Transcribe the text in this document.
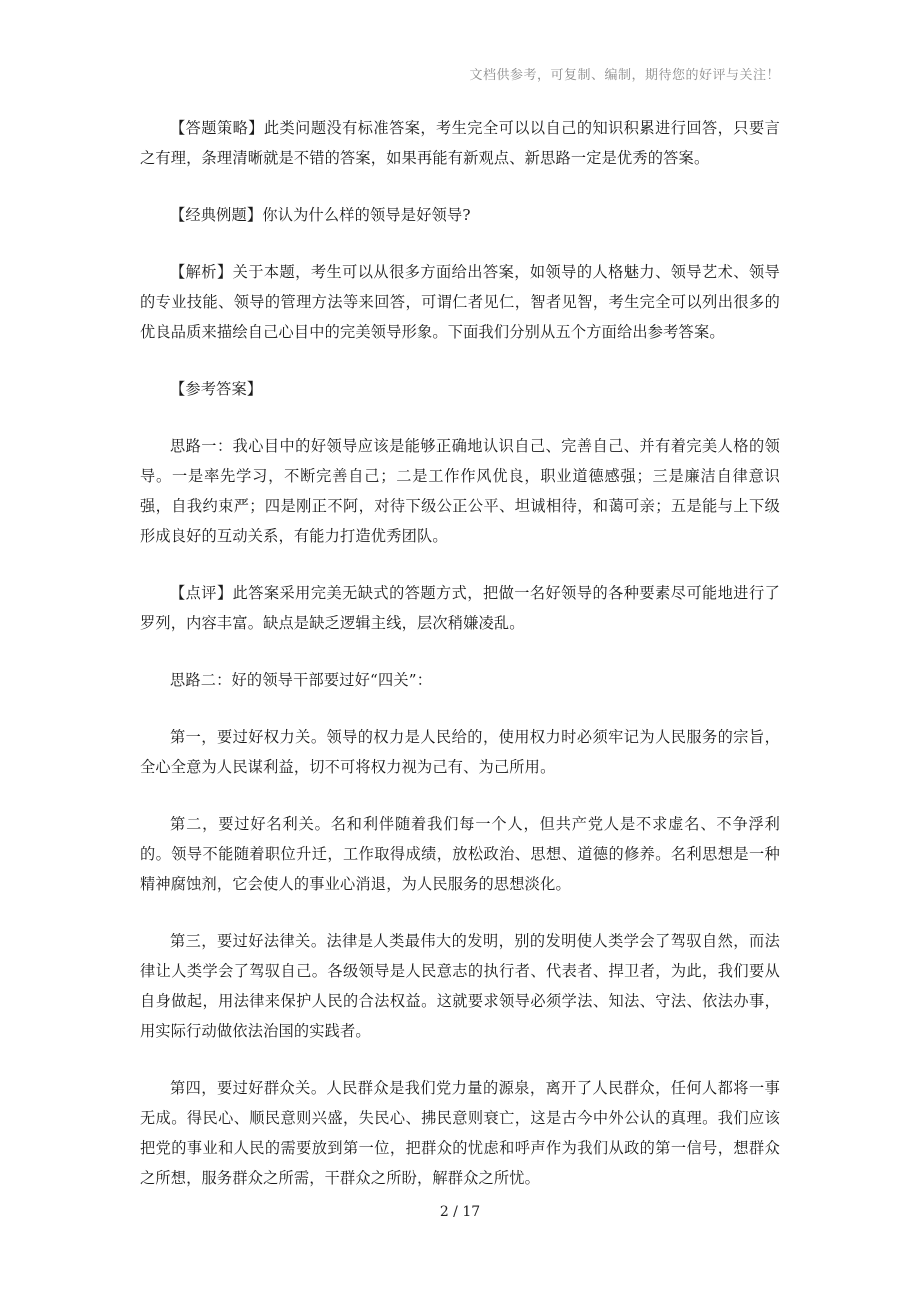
文档供参考，可复制、编制，期待您的好评与关注！

【答题策略】此类问题没有标准答案，考生完全可以以自己的知识积累进行回答，只要言之有理，条理清晰就是不错的答案，如果再能有新观点、新思路一定是优秀的答案。

【经典例题】你认为什么样的领导是好领导?

【解析】关于本题，考生可以从很多方面给出答案，如领导的人格魅力、领导艺术、领导的专业技能、领导的管理方法等来回答，可谓仁者见仁，智者见智，考生完全可以列出很多的优良品质来描绘自己心目中的完美领导形象。下面我们分别从五个方面给出参考答案。

【参考答案】

思路一：我心目中的好领导应该是能够正确地认识自己、完善自己、并有着完美人格的领导。一是率先学习，不断完善自己；二是工作作风优良，职业道德感强；三是廉洁自律意识强，自我约束严；四是刚正不阿，对待下级公正公平、坦诚相待，和蔼可亲；五是能与上下级形成良好的互动关系，有能力打造优秀团队。

【点评】此答案采用完美无缺式的答题方式，把做一名好领导的各种要素尽可能地进行了罗列，内容丰富。缺点是缺乏逻辑主线，层次稍嫌凌乱。

思路二：好的领导干部要过好“四关”：

第一，要过好权力关。领导的权力是人民给的，使用权力时必须牢记为人民服务的宗旨，全心全意为人民谋利益，切不可将权力视为己有、为己所用。

第二，要过好名利关。名和利伴随着我们每一个人，但共产党人是不求虚名、不争浮利的。领导不能随着职位升迁，工作取得成绩，放松政治、思想、道德的修养。名利思想是一种精神腐蚀剂，它会使人的事业心消退，为人民服务的思想淡化。

第三，要过好法律关。法律是人类最伟大的发明，别的发明使人类学会了驾驭自然，而法律让人类学会了驾驭自己。各级领导是人民意志的执行者、代表者、捍卫者，为此，我们要从自身做起，用法律来保护人民的合法权益。这就要求领导必须学法、知法、守法、依法办事，用实际行动做依法治国的实践者。

第四，要过好群众关。人民群众是我们党力量的源泉，离开了人民群众，任何人都将一事无成。得民心、顺民意则兴盛，失民心、拂民意则衰亡，这是古今中外公认的真理。我们应该把党的事业和人民的需要放到第一位，把群众的忧虑和呼声作为我们从政的第一信号，想群众之所想，服务群众之所需，干群众之所盼，解群众之所忧。

2 / 17
